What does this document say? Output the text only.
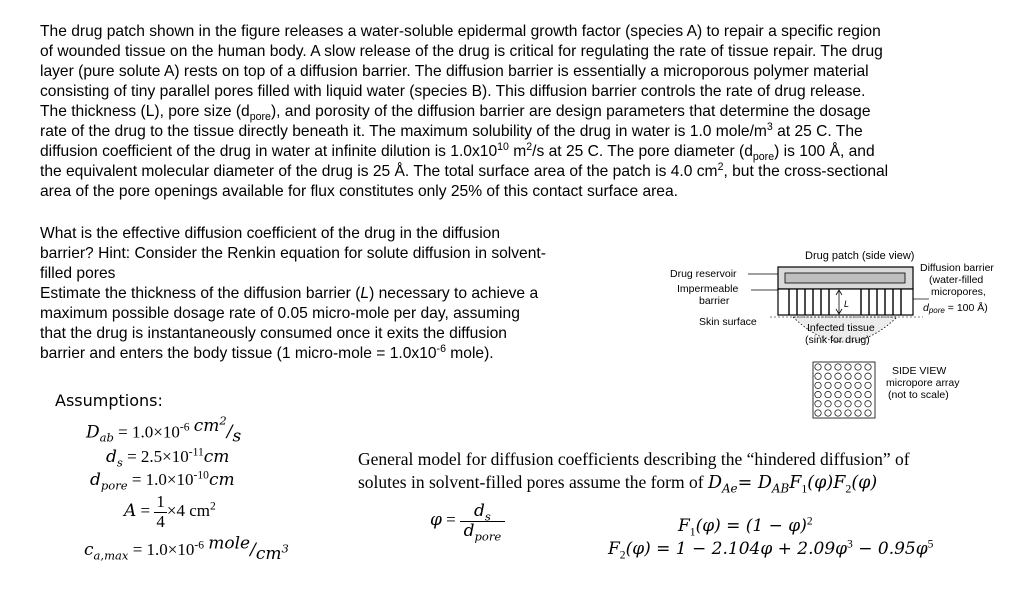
The drug patch shown in the figure releases a water-soluble epidermal growth factor (species A) to repair a specific region
of wounded tissue on the human body. A slow release of the drug is critical for regulating the rate of tissue repair. The drug
layer (pure solute A) rests on top of a diffusion barrier. The diffusion barrier is essentially a microporous polymer material
consisting of tiny parallel pores filled with liquid water (species B). This diffusion barrier controls the rate of drug release.
The thickness (L), pore size $(d_{pore})$, and porosity of the diffusion barrier are design parameters that determine the dosage
rate of the drug to the tissue directly beneath it. The maximum solubility of the drug in water is 1.0 mole/$m^3$ at 25 C. The
diffusion coefficient of the drug in water at infinite dilution is $1.0x10^{10}$ $m^2/s$ at 25 C. The pore diameter $(d_{pore})$ is 100 Å, and
the equivalent molecular diameter of the drug is 25 Å. The total surface area of the patch is 4.0 $cm^2$, but the cross-sectional
area of the pore openings available for flux constitutes only 25% of this contact surface area.
What is the effective diffusion coefficient of the drug in the diffusion
barrier? Hint: Consider the Renkin equation for solute diffusion in solvent-
filled pores
Estimate the thickness of the diffusion barrier (L) necessary to achieve a
maximum possible dosage rate of 0.05 micro-mole per day, assuming
that the drug is instantaneously consumed once it exits the diffusion
barrier and enters the body tissue (1 micro-mole = $1.0x10^{-6}$ mole).
Drug patch (side view)
L
Infected tissue
(sink for drug)
Drug reservoir
Impermeable
barrier
Skin surface
Diffusion barrier
(water-filled
micropores,
dpore = 100 Å)
SIDE VIEW
micropore array
(not to scale)
Assumptions:
$D_{ab} = 1.0\times 10^{-6}$ $^{cm^2}/_s$
$d_s = 2.5\times 10^{-11}cm$
$d_{pore} = 1.0\times 10^{-10}cm$
$A = \frac{1}{4} \times 4$ $cm^2$
$c_{a,max} = 1.0\times 10^{-6}$ $^{mole}/_{cm^3}$
General model for diffusion coefficients describing the “hindered diffusion” of
solutes in solvent-filled pores assume the form of $D_{Ae}= D_{AB}F_1(\varphi)F_2(\varphi)$
$\varphi = \frac{d_s}{d_{pore}}$	$F_1(\varphi) = (1 - \varphi)^2$
$F_2(\varphi) = 1 - 2.104\varphi + 2.09\varphi^3 - 0.95\varphi^5$
